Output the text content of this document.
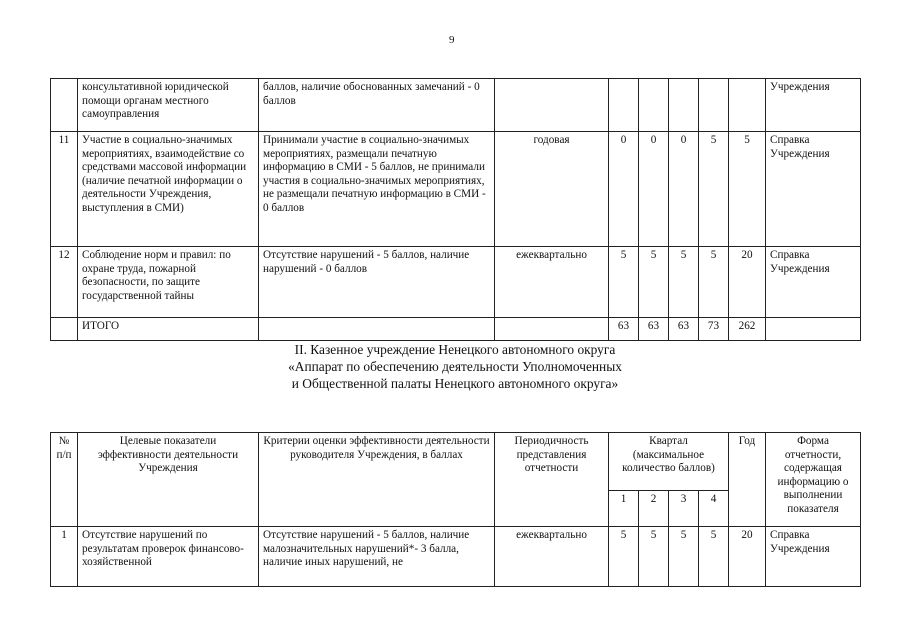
9
	консультативной юридической помощи органам местного самоуправления	баллов, наличие обоснованных замечаний - 0 баллов							Учреждения
11	Участие в социально-значимых мероприятиях, взаимодействие со средствами массовой информации (наличие печатной информации о деятельности Учреждения, выступления в СМИ)	Принимали участие в социально-значимых мероприятиях, размещали печатную информацию в СМИ - 5 баллов, не принимали участия в социально-значимых мероприятиях, не размещали печатную информацию в СМИ - 0 баллов	годовая	0	0	0	5	5	Справка Учреждения
12	Соблюдение норм и правил: по охране труда, пожарной безопасности, по защите государственной тайны	Отсутствие нарушений - 5 баллов, наличие нарушений - 0 баллов	ежеквартально	5	5	5	5	20	Справка Учреждения
	ИТОГО			63	63	63	73	262	
II. Казенное учреждение Ненецкого автономного округа
«Аппарат по обеспечению деятельности Уполномоченных
и Общественной палаты Ненецкого автономного округа»
№ п/п	Целевые показатели эффективности деятельности Учреждения	Критерии оценки эффективности деятельности руководителя Учреждения, в баллах	Периодичность представления отчетности	Квартал (максимальное количество баллов)				Год	Форма отчетности, содержащая информацию о выполнении показателя
				1	2	3	4		
1	Отсутствие нарушений по результатам проверок финансово-хозяйственной	Отсутствие нарушений - 5 баллов, наличие малозначительных нарушений*- 3 балла, наличие иных нарушений, не	ежеквартально	5	5	5	5	20	Справка Учреждения
